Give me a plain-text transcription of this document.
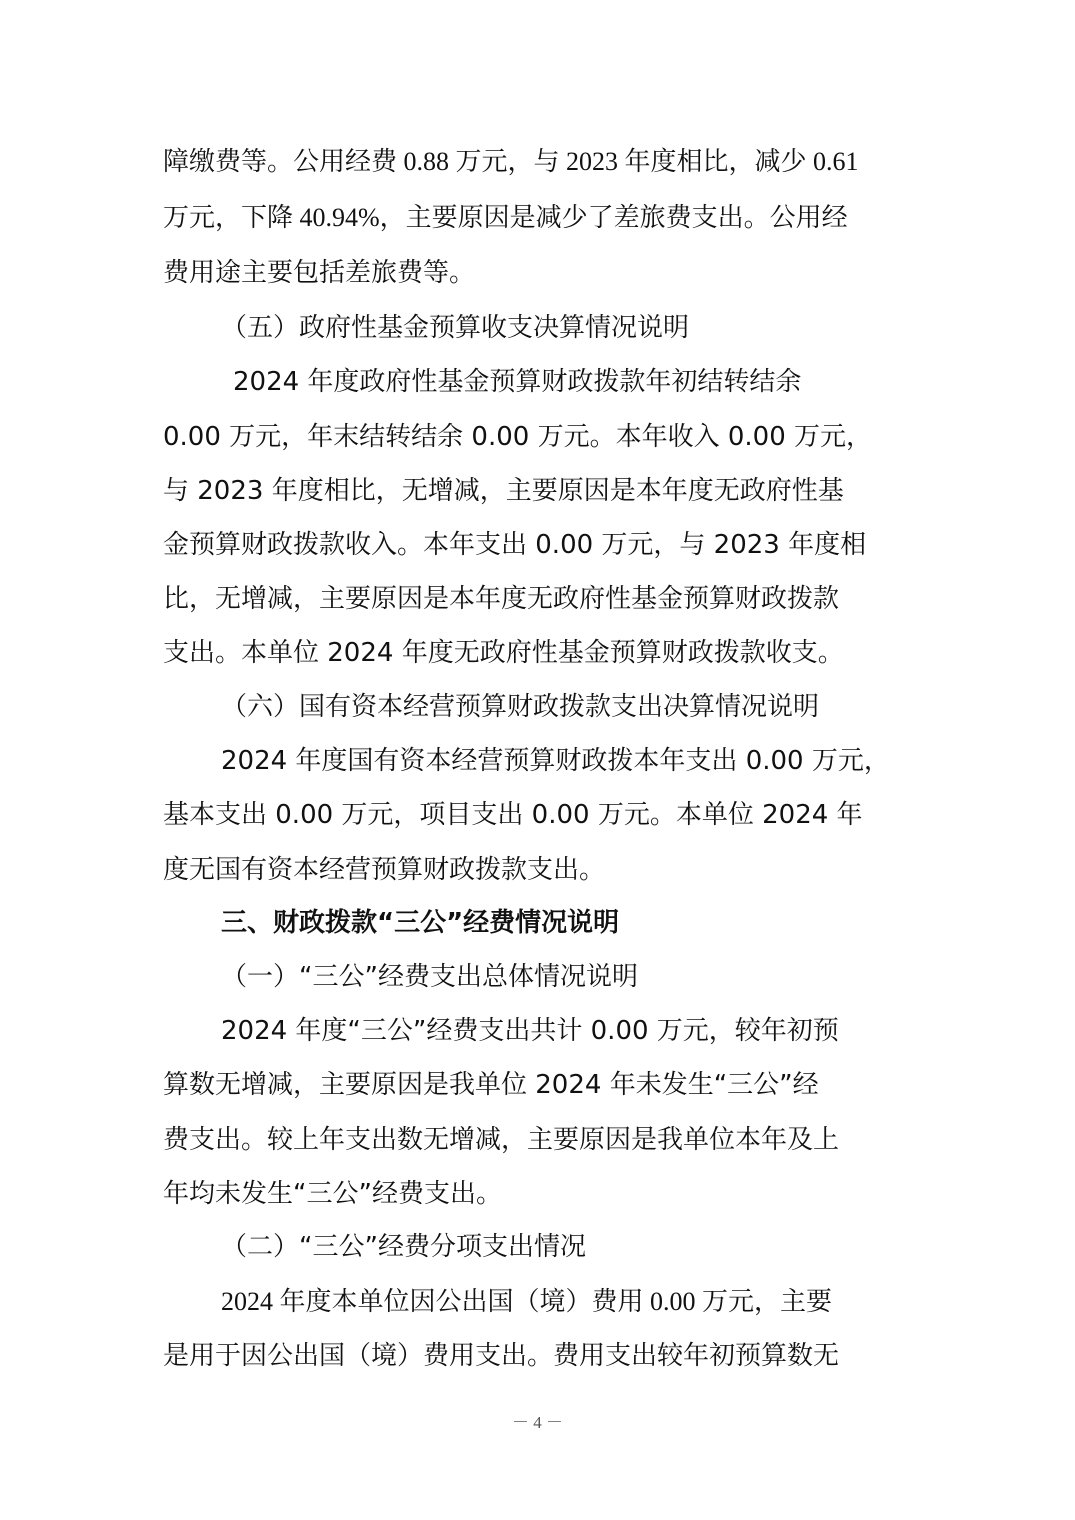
障缴费等。公用经费 0.88 万元，与 2023 年度相比，减少 0.61
万元，下降 40.94%，主要原因是减少了差旅费支出。公用经
费用途主要包括差旅费等。
（五）政府性基金预算收支决算情况说明
2024 年度政府性基金预算财政拨款年初结转结余
0.00 万元，年末结转结余 0.00 万元。本年收入 0.00 万元，
与 2023 年度相比，无增减，主要原因是本年度无政府性基
金预算财政拨款收入。本年支出 0.00 万元，与 2023 年度相
比，无增减，主要原因是本年度无政府性基金预算财政拨款
支出。本单位 2024 年度无政府性基金预算财政拨款收支。
（六）国有资本经营预算财政拨款支出决算情况说明
2024 年度国有资本经营预算财政拨本年支出 0.00 万元，
基本支出 0.00 万元，项目支出 0.00 万元。本单位 2024 年
度无国有资本经营预算财政拨款支出。
三、财政拨款“三公”经费情况说明
（一）“三公”经费支出总体情况说明
2024 年度“三公”经费支出共计 0.00 万元，较年初预
算数无增减，主要原因是我单位 2024 年未发生“三公”经
费支出。较上年支出数无增减，主要原因是我单位本年及上
年均未发生“三公”经费支出。
（二）“三公”经费分项支出情况
2024 年度本单位因公出国（境）费用 0.00 万元，主要
是用于因公出国（境）费用支出。费用支出较年初预算数无
－ 4 －
